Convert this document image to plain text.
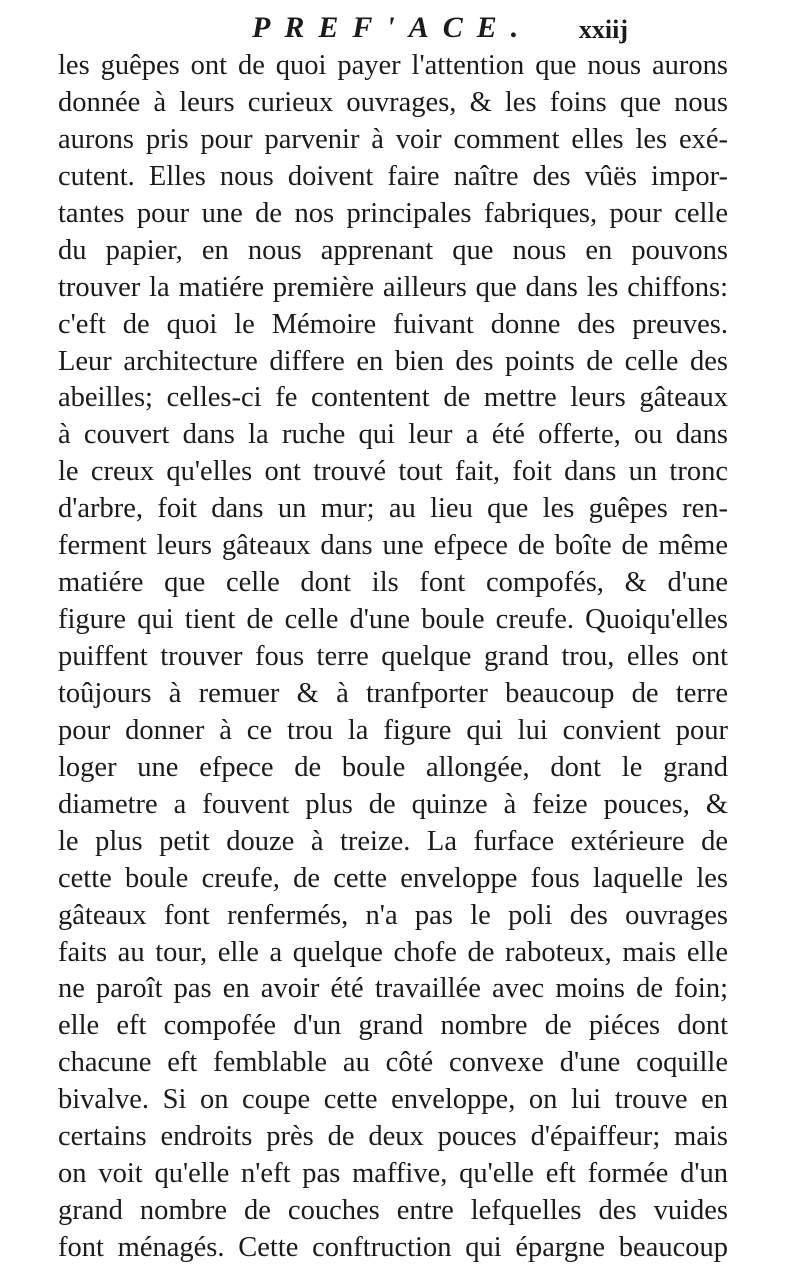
PREF'ACE. xxiij
les guêpes ont de quoi payer l'attention que nous aurons
donnée à leurs curieux ouvrages, & les foins que nous
aurons pris pour parvenir à voir comment elles les exé-
cutent. Elles nous doivent faire naître des vûës impor-
tantes pour une de nos principales fabriques, pour celle
du papier, en nous apprenant que nous en pouvons
trouver la matiére première ailleurs que dans les chiffons:
c'eft de quoi le Mémoire fuivant donne des preuves.
Leur architecture differe en bien des points de celle des
abeilles; celles-ci fe contentent de mettre leurs gâteaux
à couvert dans la ruche qui leur a été offerte, ou dans
le creux qu'elles ont trouvé tout fait, foit dans un tronc
d'arbre, foit dans un mur; au lieu que les guêpes ren-
ferment leurs gâteaux dans une efpece de boîte de même
matiére que celle dont ils font compofés, & d'une
figure qui tient de celle d'une boule creufe. Quoiqu'elles
puiffent trouver fous terre quelque grand trou, elles ont
toûjours à remuer & à tranfporter beaucoup de terre
pour donner à ce trou la figure qui lui convient pour
loger une efpece de boule allongée, dont le grand
diametre a fouvent plus de quinze à feize pouces, &
le plus petit douze à treize. La furface extérieure de
cette boule creufe, de cette enveloppe fous laquelle les
gâteaux font renfermés, n'a pas le poli des ouvrages
faits au tour, elle a quelque chofe de raboteux, mais elle
ne paroît pas en avoir été travaillée avec moins de foin;
elle eft compofée d'un grand nombre de piéces dont
chacune eft femblable au côté convexe d'une coquille
bivalve. Si on coupe cette enveloppe, on lui trouve en
certains endroits près de deux pouces d'épaiffeur; mais
on voit qu'elle n'eft pas maffive, qu'elle eft formée d'un
grand nombre de couches entre lefquelles des vuides
font ménagés. Cette conftruction qui épargne beaucoup
